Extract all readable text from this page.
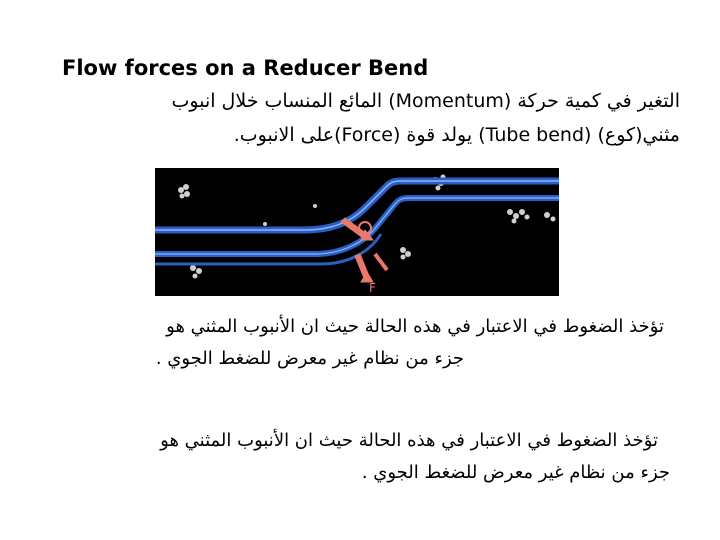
Flow forces on a Reducer Bend
التغير في كمية حركة (Momentum) المائع المنساب خلال انبوب
مثني(كوع) (Tube bend) يولد قوة (Force)على الانبوب.
F
تؤخذ الضغوط في الاعتبار في هذه الحالة حيث ان الأنبوب المثني هو
جزء من نظام غير معرض للضغط الجوي .
تؤخذ الضغوط في الاعتبار في هذه الحالة حيث ان الأنبوب المثني هو
جزء من نظام غير معرض للضغط الجوي .
